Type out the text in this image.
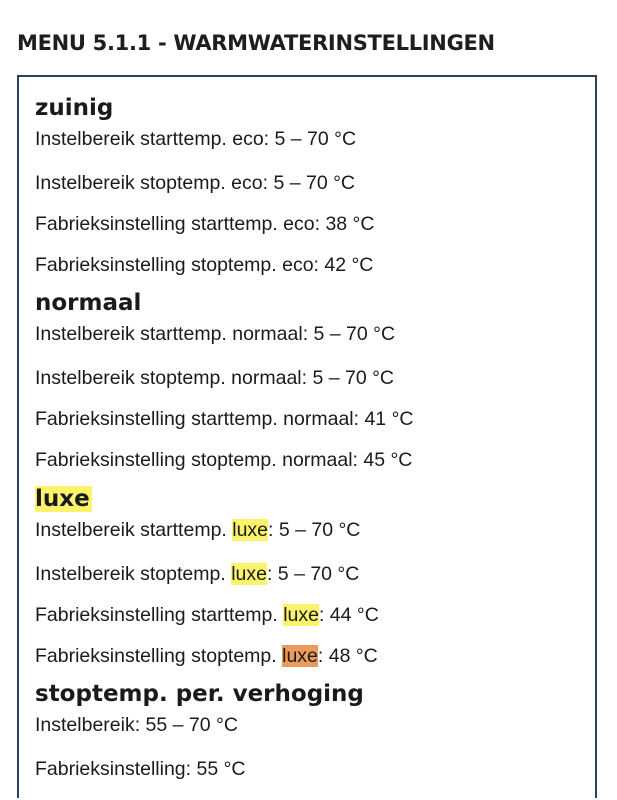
MENU 5.1.1 - WARMWATERINSTELLINGEN
zuinig
Instelbereik starttemp. eco: 5 – 70 °C
Instelbereik stoptemp. eco: 5 – 70 °C
Fabrieksinstelling starttemp. eco: 38 °C
Fabrieksinstelling stoptemp. eco: 42 °C
normaal
Instelbereik starttemp. normaal: 5 – 70 °C
Instelbereik stoptemp. normaal: 5 – 70 °C
Fabrieksinstelling starttemp. normaal: 41 °C
Fabrieksinstelling stoptemp. normaal: 45 °C
luxe
Instelbereik starttemp. luxe: 5 – 70 °C
Instelbereik stoptemp. luxe: 5 – 70 °C
Fabrieksinstelling starttemp. luxe: 44 °C
Fabrieksinstelling stoptemp. luxe: 48 °C
stoptemp. per. verhoging
Instelbereik: 55 – 70 °C
Fabrieksinstelling: 55 °C
